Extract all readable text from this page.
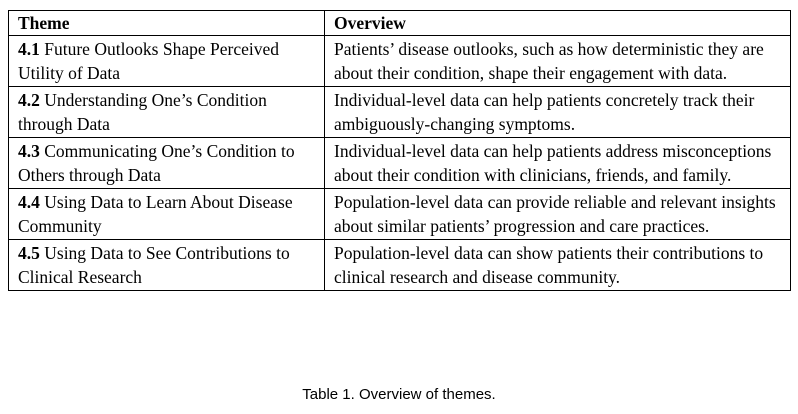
Theme	Overview
4.1 Future Outlooks Shape Perceived Utility of Data	Patients’ disease outlooks, such as how deterministic they are about their condition, shape their engagement with data.
4.2 Understanding One’s Condition through Data	Individual-level data can help patients concretely track their ambiguously-changing symptoms.
4.3 Communicating One’s Condition to Others through Data	Individual-level data can help patients address misconceptions about their condition with clinicians, friends, and family.
4.4 Using Data to Learn About Disease Community	Population-level data can provide reliable and relevant insights about similar patients’ progression and care practices.
4.5 Using Data to See Contributions to Clinical Research	Population-level data can show patients their contributions to clinical research and disease community.
Table 1. Overview of themes.
